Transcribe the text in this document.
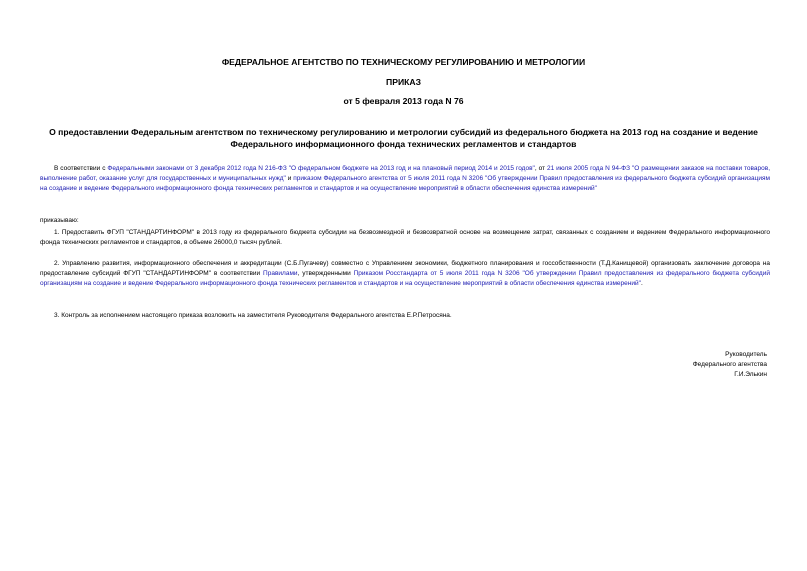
ФЕДЕРАЛЬНОЕ АГЕНТСТВО ПО ТЕХНИЧЕСКОМУ РЕГУЛИРОВАНИЮ И МЕТРОЛОГИИ
ПРИКАЗ
от 5 февраля 2013 года N 76
О предоставлении Федеральным агентством по техническому регулированию и метрологии субсидий из федерального бюджета на 2013 год на создание и ведение Федерального информационного фонда технических регламентов и стандартов

В соответствии с Федеральными законами от 3 декабря 2012 года N 216-ФЗ "О федеральном бюджете на 2013 год и на плановый период 2014 и 2015 годов", от 21 июля 2005 года N 94-ФЗ "О размещении заказов на поставки товаров, выполнение работ, оказание услуг для государственных и муниципальных нужд" и приказом Федерального агентства от 5 июля 2011 года N 3206 "Об утверждении Правил предоставления из федерального бюджета субсидий организациям на создание и ведение Федерального информационного фонда технических регламентов и стандартов и на осуществление мероприятий в области обеспечения единства измерений"

приказываю:

1. Предоставить ФГУП "СТАНДАРТИНФОРМ" в 2013 году из федерального бюджета субсидии на безвозмездной и безвозвратной основе на возмещение затрат, связанных с созданием и ведением Федерального информационного фонда технических регламентов и стандартов, в объеме 26000,0 тысяч рублей.

2. Управлению развития, информационного обеспечения и аккредитации (С.Б.Пугачеву) совместно с Управлением экономики, бюджетного планирования и госсобственности (Т.Д.Канищевой) организовать заключение договора на предоставление субсидий ФГУП "СТАНДАРТИНФОРМ" в соответствии Правилами, утвержденными Приказом Росстандарта от 5 июля 2011 года N 3206 "Об утверждении Правил предоставления из федерального бюджета субсидий организациям на создание и ведение Федерального информационного фонда технических регламентов и стандартов и на осуществление мероприятий в области обеспечения единства измерений".

3. Контроль за исполнением настоящего приказа возложить на заместителя Руководителя Федерального агентства Е.Р.Петросяна.

Руководитель
Федерального агентства
Г.И.Элькин
